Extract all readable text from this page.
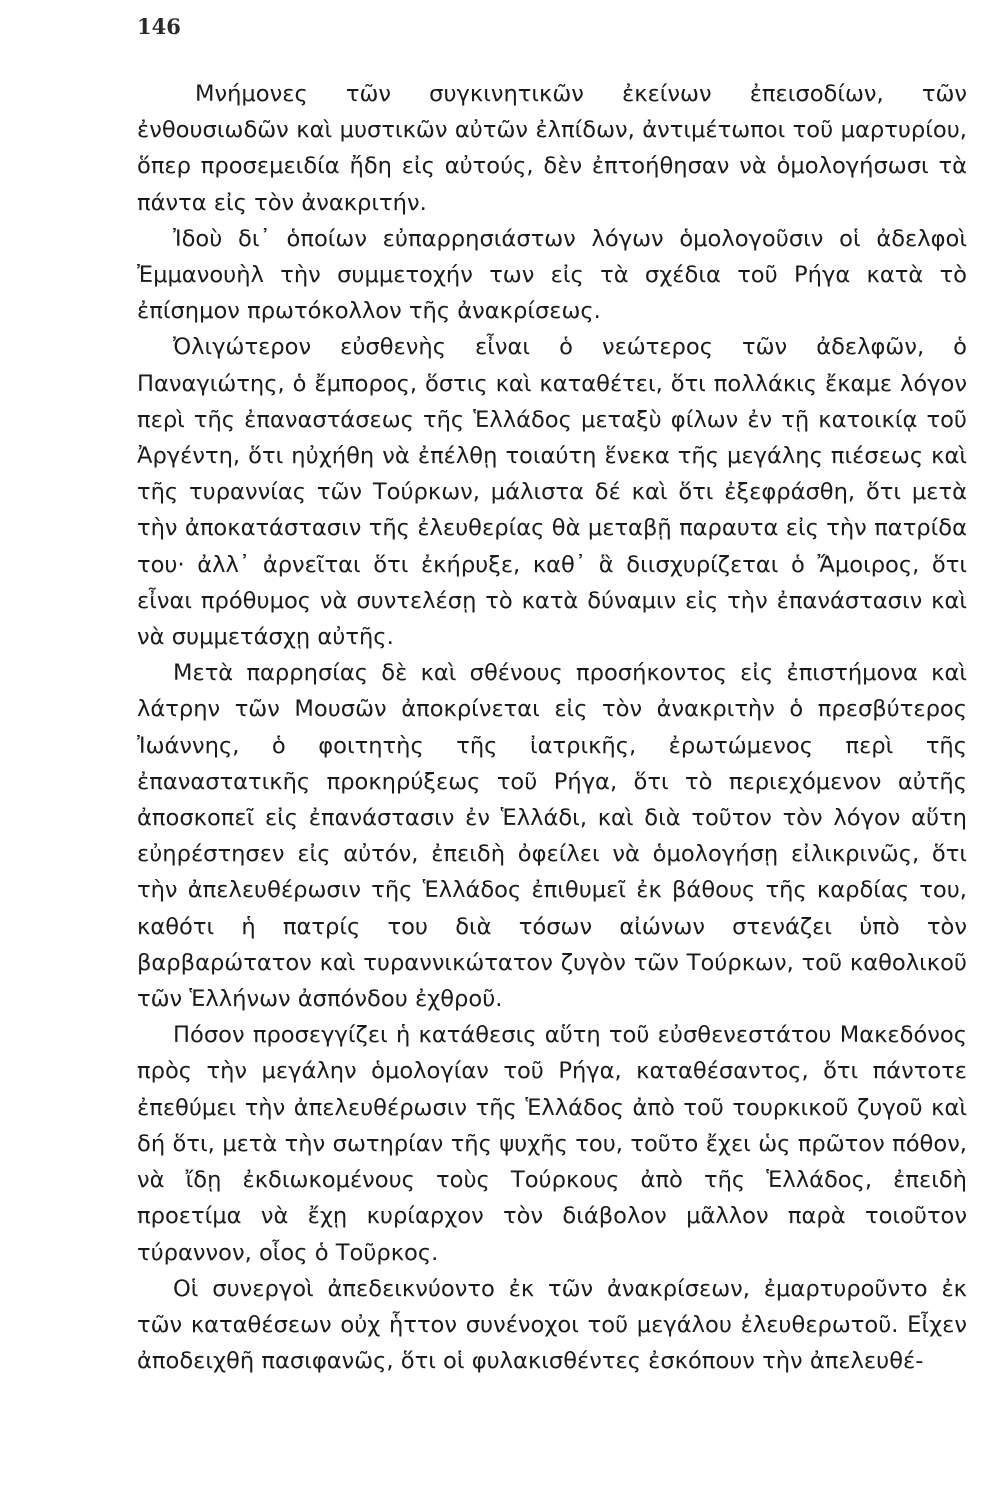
146

Μνήμονες τῶν συγκινητικῶν ἐκείνων ἐπεισοδίων, τῶν ἐνθουσιωδῶν καὶ μυστικῶν αὐτῶν ἐλπίδων, ἀντιμέτωποι τοῦ μαρτυρίου, ὅπερ προσεμειδία ἤδη εἰς αὐτούς, δὲν ἐπτοήθησαν νὰ ὁμολογήσωσι τὰ πάντα εἰς τὸν ἀνακριτήν.

Ἰδοὺ δι᾽ ὁποίων εὐπαρρησιάστων λόγων ὁμολογοῦσιν οἱ ἀδελφοὶ Ἐμμανουὴλ τὴν συμμετοχήν των εἰς τὰ σχέδια τοῦ Ρήγα κατὰ τὸ ἐπίσημον πρωτόκολλον τῆς ἀνακρίσεως.

Ὀλιγώτερον εὐσθενὴς εἶναι ὁ νεώτερος τῶν ἀδελφῶν, ὁ Παναγιώτης, ὁ ἔμπορος, ὅστις καὶ καταθέτει, ὅτι πολλάκις ἔκαμε λόγον περὶ τῆς ἐπαναστάσεως τῆς Ἑλλάδος μεταξὺ φίλων ἐν τῇ κατοικίᾳ τοῦ Ἀργέντη, ὅτι ηὐχήθη νὰ ἐπέλθῃ τοιαύτη ἕνεκα τῆς μεγάλης πιέσεως καὶ τῆς τυραννίας τῶν Τούρκων, μάλιστα δέ καὶ ὅτι ἐξεφράσθη, ὅτι μετὰ τὴν ἀποκατάστασιν τῆς ἐλευθερίας θὰ μεταβῇ παραυτα εἰς τὴν πατρίδα του· ἀλλ᾽ ἀρνεῖται ὅτι ἐκήρυξε, καθ᾽ ἃ διισχυρίζεται ὁ Ἄμοιρος, ὅτι εἶναι πρόθυμος νὰ συντελέσῃ τὸ κατὰ δύναμιν εἰς τὴν ἐπανάστασιν καὶ νὰ συμμετάσχῃ αὐτῆς.

Μετὰ παρρησίας δὲ καὶ σθένους προσήκοντος εἰς ἐπιστήμονα καὶ λάτρην τῶν Μουσῶν ἀποκρίνεται εἰς τὸν ἀνακριτὴν ὁ πρεσβύτερος Ἰωάννης, ὁ φοιτητὴς τῆς ἰατρικῆς, ἐρωτώμενος περὶ τῆς ἐπαναστατικῆς προκηρύξεως τοῦ Ρήγα, ὅτι τὸ περιεχόμενον αὐτῆς ἀποσκοπεῖ εἰς ἐπανάστασιν ἐν Ἑλλάδι, καὶ διὰ τοῦτον τὸν λόγον αὕτη εὐηρέστησεν εἰς αὐτόν, ἐπειδὴ ὀφείλει νὰ ὁμολογήσῃ εἰλικρινῶς, ὅτι τὴν ἀπελευθέρωσιν τῆς Ἑλλάδος ἐπιθυμεῖ ἐκ βάθους τῆς καρδίας του, καθότι ἡ πατρίς του διὰ τόσων αἰώνων στενάζει ὑπὸ τὸν βαρβαρώτατον καὶ τυραννικώτατον ζυγὸν τῶν Τούρκων, τοῦ καθολικοῦ τῶν Ἑλλήνων ἀσπόνδου ἐχθροῦ.

Πόσον προσεγγίζει ἡ κατάθεσις αὕτη τοῦ εὐσθενεστάτου Μακεδόνος πρὸς τὴν μεγάλην ὁμολογίαν τοῦ Ρήγα, καταθέσαντος, ὅτι πάντοτε ἐπεθύμει τὴν ἀπελευθέρωσιν τῆς Ἑλλάδος ἀπὸ τοῦ τουρκικοῦ ζυγοῦ καὶ δή ὅτι, μετὰ τὴν σωτηρίαν τῆς ψυχῆς του, τοῦτο ἔχει ὡς πρῶτον πόθον, νὰ ἴδῃ ἐκδιωκομένους τοὺς Τούρκους ἀπὸ τῆς Ἑλλάδος, ἐπειδὴ προετίμα νὰ ἔχῃ κυρίαρχον τὸν διάβολον μᾶλλον παρὰ τοιοῦτον τύραννον, οἷος ὁ Τοῦρκος.

Οἱ συνεργοὶ ἀπεδεικνύοντο ἐκ τῶν ἀνακρίσεων, ἐμαρτυροῦντο ἐκ τῶν καταθέσεων οὐχ ἧττον συνένοχοι τοῦ μεγάλου ἐλευθερωτοῦ. Εἶχεν ἀποδειχθῆ πασιφανῶς, ὅτι οἱ φυλακισθέντες ἐσκόπουν τὴν ἀπελευθέ-
